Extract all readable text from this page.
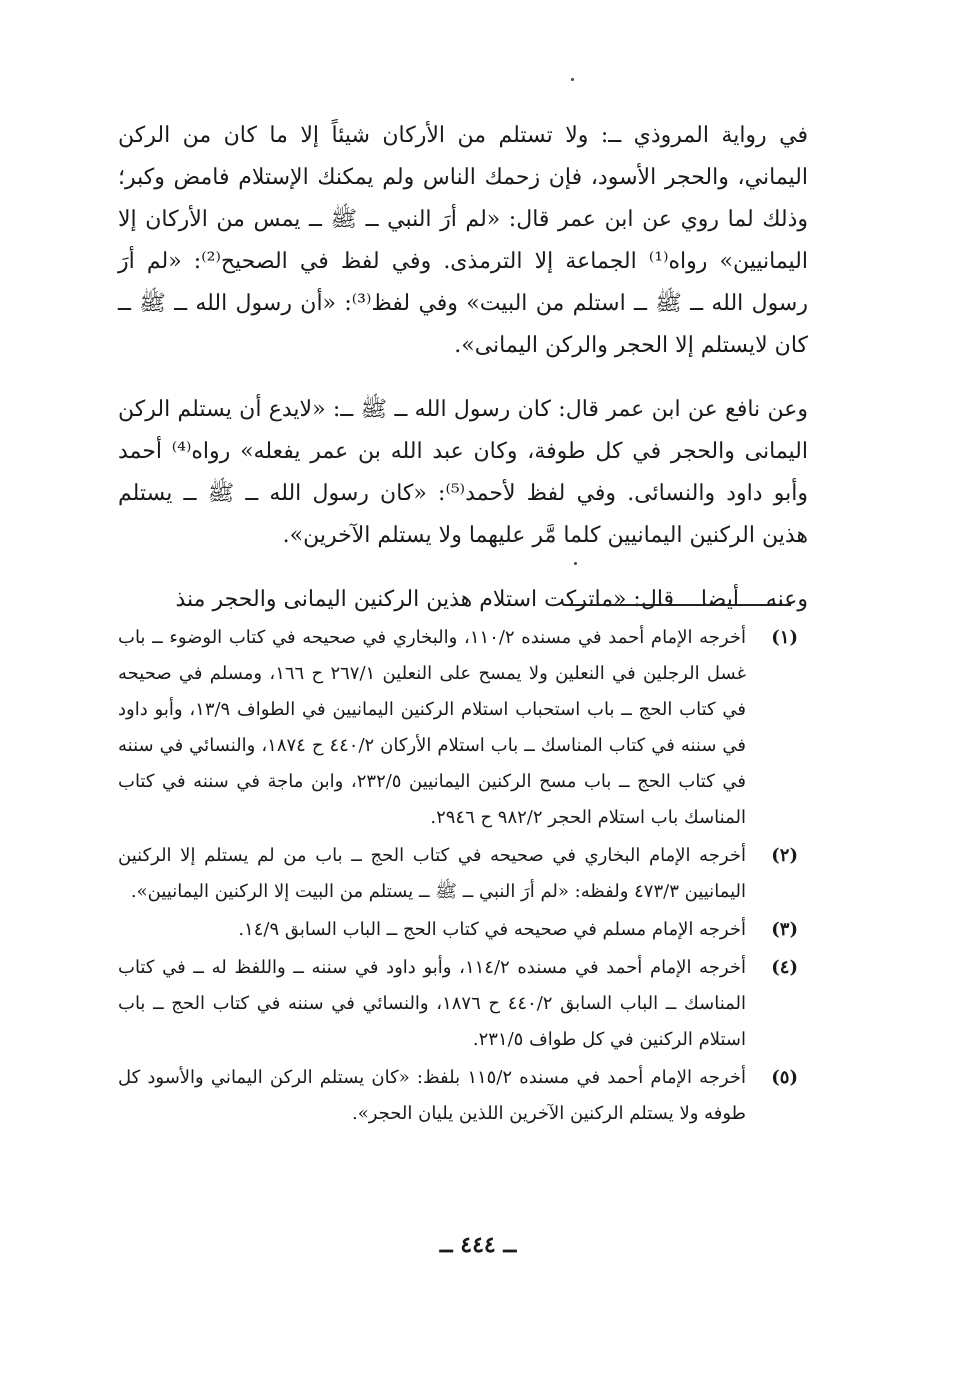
في رواية المروذي ــ: ولا تستلم من الأركان شيئاً إلا ما كان من الركن اليماني، والحجر الأسود، فإن زحمك الناس ولم يمكنك الإستلام فامض وكبر؛ وذلك لما روي عن ابن عمر قال: «لم أرَ النبي ــ ﷺ ــ يمس من الأركان إلا اليمانيين» رواه⁽¹⁾ الجماعة إلا الترمذى. وفي لفظ في الصحيح⁽²⁾: «لم أرَ رسول الله ــ ﷺ ــ استلم من البيت» وفي لفظ⁽³⁾: «أن رسول الله ــ ﷺ ــ كان لايستلم إلا الحجر والركن اليمانى».

وعن نافع عن ابن عمر قال: كان رسول الله ــ ﷺ ــ: «لايدع أن يستلم الركن اليمانى والحجر في كل طوفة، وكان عبد الله بن عمر يفعله» رواه⁽⁴⁾ أحمد وأبو داود والنسائى. وفي لفظ لأحمد⁽⁵⁾: «كان رسول الله ــ ﷺ ــ يستلم هذين الركنين اليمانيين كلما مَّر عليهما ولا يستلم الآخرين».

وعنه ــ أيضا ــ قال: «ماتركت استلام هذين الركنين اليمانى والحجر منذ

(١)
أخرجه الإمام أحمد في مسنده ١١٠/٢، والبخاري في صحيحه في كتاب الوضوء ــ باب غسل الرجلين في النعلين ولا يمسح على النعلين ٢٦٧/١ ح ١٦٦، ومسلم في صحيحه في كتاب الحج ــ باب استحباب استلام الركنين اليمانيين في الطواف ١٣/٩، وأبو داود في سننه في كتاب المناسك ــ باب استلام الأركان ٤٤٠/٢ ح ١٨٧٤، والنسائي في سننه في كتاب الحج ــ باب مسح الركنين اليمانيين ٢٣٢/٥، وابن ماجة في سننه في كتاب المناسك باب استلام الحجر ٩٨٢/٢ ح ٢٩٤٦.
(٢)
أخرجه الإمام البخاري في صحيحه في كتاب الحج ــ باب من لم يستلم إلا الركنين اليمانيين ٤٧٣/٣ ولفظه: «لم أرَ النبي ــ ﷺ ــ يستلم من البيت إلا الركنين اليمانيين».
(٣)
أخرجه الإمام مسلم في صحيحه في كتاب الحج ــ الباب السابق ١٤/٩.
(٤)
أخرجه الإمام أحمد في مسنده ١١٤/٢، وأبو داود في سننه ــ واللفظ له ــ في كتاب المناسك ــ الباب السابق ٤٤٠/٢ ح ١٨٧٦، والنسائي في سننه في كتاب الحج ــ باب استلام الركنين في كل طواف ٢٣١/٥.
(٥)
أخرجه الإمام أحمد في مسنده ١١٥/٢ بلفظ: «كان يستلم الركن اليماني والأسود كل طوفه ولا يستلم الركنين الآخرين اللذين يليان الحجر».
ــ ٤٤٤ ــ
